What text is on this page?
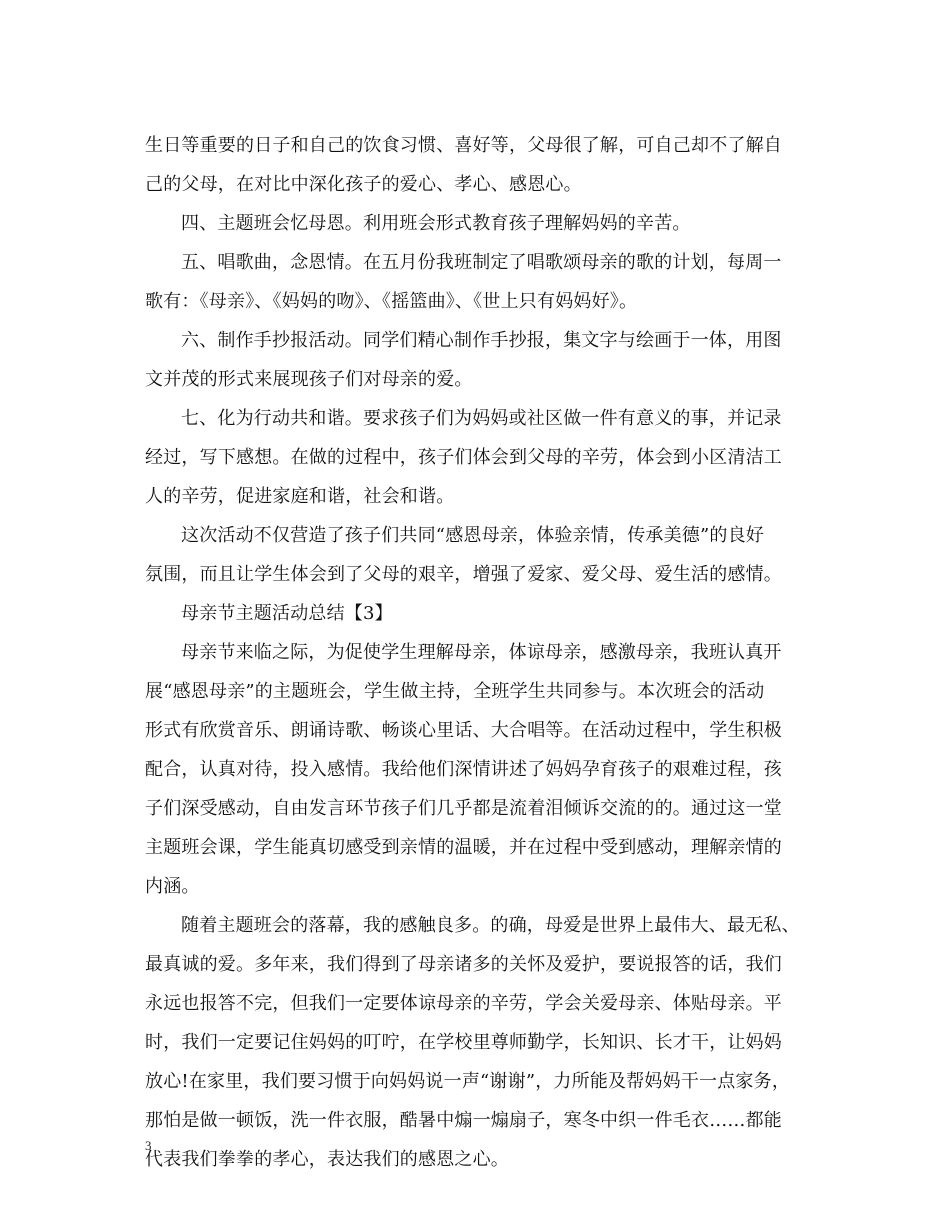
生日等重要的日子和自己的饮食习惯、喜好等，父母很了解，可自己却不了解自
己的父母，在对比中深化孩子的爱心、孝心、感恩心。
四、主题班会忆母恩。利用班会形式教育孩子理解妈妈的辛苦。
五、唱歌曲，念恩情。在五月份我班制定了唱歌颂母亲的歌的计划，每周一
歌有：《母亲》、《妈妈的吻》、《摇篮曲》、《世上只有妈妈好》。
六、制作手抄报活动。同学们精心制作手抄报，集文字与绘画于一体，用图
文并茂的形式来展现孩子们对母亲的爱。
七、化为行动共和谐。要求孩子们为妈妈或社区做一件有意义的事，并记录
经过，写下感想。在做的过程中，孩子们体会到父母的辛劳，体会到小区清洁工
人的辛劳，促进家庭和谐，社会和谐。
这次活动不仅营造了孩子们共同“感恩母亲，体验亲情，传承美德”的良好
氛围，而且让学生体会到了父母的艰辛，增强了爱家、爱父母、爱生活的感情。
母亲节主题活动总结【3】
母亲节来临之际，为促使学生理解母亲，体谅母亲，感激母亲，我班认真开
展“感恩母亲”的主题班会，学生做主持，全班学生共同参与。本次班会的活动
形式有欣赏音乐、朗诵诗歌、畅谈心里话、大合唱等。在活动过程中，学生积极
配合，认真对待，投入感情。我给他们深情讲述了妈妈孕育孩子的艰难过程，孩
子们深受感动，自由发言环节孩子们几乎都是流着泪倾诉交流的的。通过这一堂
主题班会课，学生能真切感受到亲情的温暖，并在过程中受到感动，理解亲情的
内涵。
随着主题班会的落幕，我的感触良多。的确，母爱是世界上最伟大、最无私、
最真诚的爱。多年来，我们得到了母亲诸多的关怀及爱护，要说报答的话，我们
永远也报答不完，但我们一定要体谅母亲的辛劳，学会关爱母亲、体贴母亲。平
时，我们一定要记住妈妈的叮咛，在学校里尊师勤学，长知识、长才干，让妈妈
放心!在家里，我们要习惯于向妈妈说一声“谢谢”，力所能及帮妈妈干一点家务，
那怕是做一顿饭，洗一件衣服，酷暑中煽一煽扇子，寒冬中织一件毛衣……都能
代表我们拳拳的孝心，表达我们的感恩之心。
3
